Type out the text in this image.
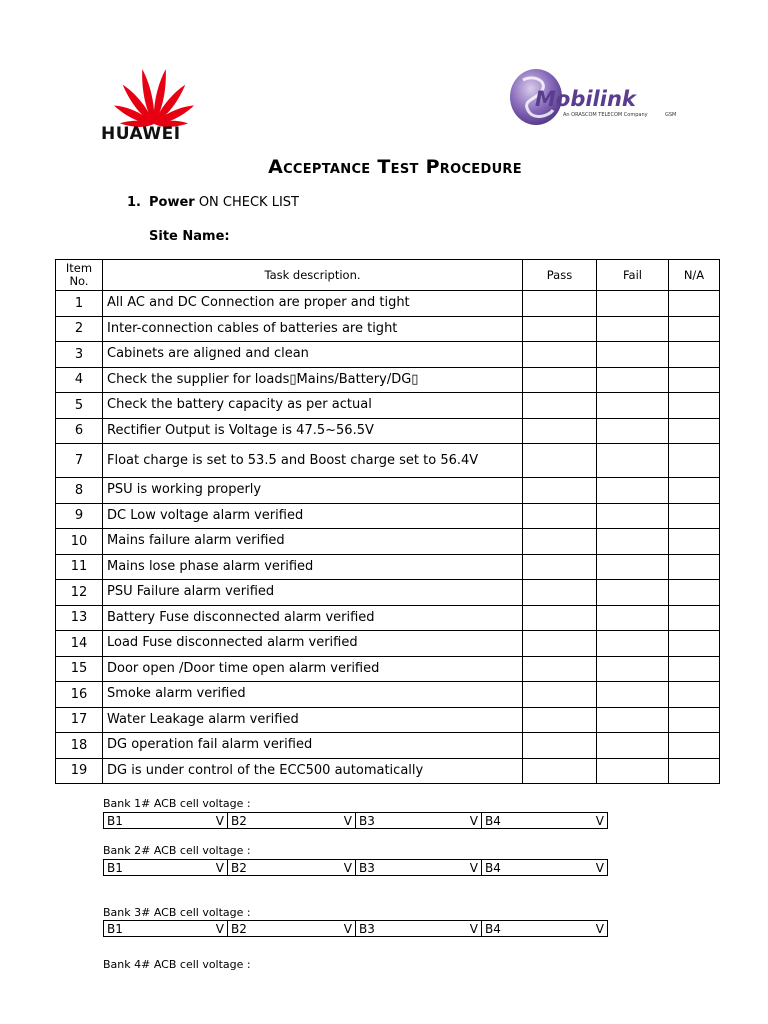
HUAWEI
Mobilink
An ORASCOM TELECOM Company	GSM
Acceptance Test Procedure
1. Power ON CHECK LIST
Site Name:
Item
No.	Task description.	Pass	Fail	N/A
1	All AC and DC Connection are proper and tight			
2	Inter-connection cables of batteries are tight			
3	Cabinets are aligned and clean			
4	Check the supplier for loads▯Mains/Battery/DG▯			
5	Check the battery capacity as per actual			
6	Rectifier Output is Voltage is 47.5~56.5V			
7	Float charge is set to 53.5 and Boost charge set to 56.4V			
8	PSU is working properly			
9	DC Low voltage alarm verified			
10	Mains failure alarm verified			
11	Mains lose phase alarm verified			
12	PSU Failure alarm verified			
13	Battery Fuse disconnected alarm verified			
14	Load Fuse disconnected alarm verified			
15	Door open /Door time open alarm verified			
16	Smoke alarm verified			
17	Water Leakage alarm verified			
18	DG operation fail alarm verified			
19	DG is under control of the ECC500 automatically			
Bank 1# ACB cell voltage :
B1	V	B2	V	B3	V	B4	V
Bank 2# ACB cell voltage :
B1	V	B2	V	B3	V	B4	V
Bank 3# ACB cell voltage :
B1	V	B2	V	B3	V	B4	V
Bank 4# ACB cell voltage :
